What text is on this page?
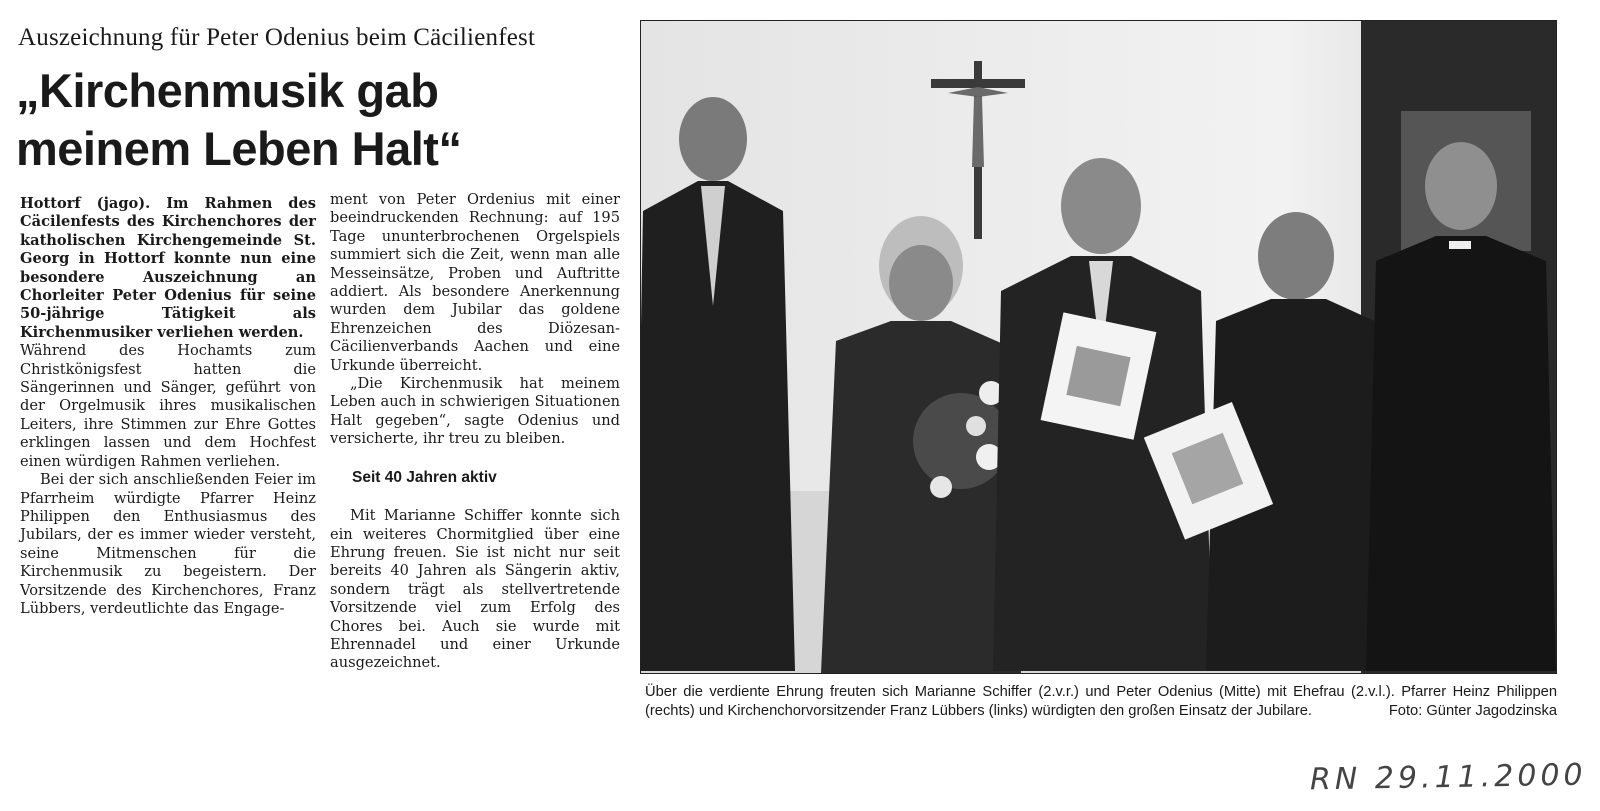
Auszeichnung für Peter Odenius beim Cäcilienfest
„Kirchenmusik gab
meinem Leben Halt“

Hottorf (jago). Im Rahmen des Cäcilenfests des Kirchenchores der katholischen Kirchengemeinde St. Georg in Hottorf konnte nun eine besondere Auszeichnung an Chorleiter Peter Odenius für seine 50-jährige Tätigkeit als Kirchenmusiker verliehen werden.

Während des Hochamts zum Christkönigsfest hatten die Sängerinnen und Sänger, geführt von der Orgelmusik ihres musikalischen Leiters, ihre Stimmen zur Ehre Gottes erklingen lassen und dem Hochfest einen würdigen Rahmen verliehen.

Bei der sich anschließenden Feier im Pfarrheim würdigte Pfarrer Heinz Philippen den Enthusiasmus des Jubilars, der es immer wieder versteht, seine Mitmenschen für die Kirchenmusik zu begeistern. Der Vorsitzende des Kirchenchores, Franz Lübbers, verdeutlichte das Engage-

ment von Peter Ordenius mit einer beeindruckenden Rechnung: auf 195 Tage ununterbrochenen Orgelspiels summiert sich die Zeit, wenn man alle Messeinsätze, Proben und Auftritte addiert. Als besondere Anerkennung wurden dem Jubilar das goldene Ehrenzeichen des Diözesan-Cäcilienverbands Aachen und eine Urkunde überreicht.

„Die Kirchenmusik hat meinem Leben auch in schwierigen Situationen Halt gegeben“, sagte Odenius und versicherte, ihr treu zu bleiben.

Seit 40 Jahren aktiv

Mit Marianne Schiffer konnte sich ein weiteres Chormitglied über eine Ehrung freuen. Sie ist nicht nur seit bereits 40 Jahren als Sängerin aktiv, sondern trägt als stellvertretende Vorsitzende viel zum Erfolg des Chores bei. Auch sie wurde mit Ehrennadel und einer Urkunde ausgezeichnet.

Über die verdiente Ehrung freuten sich Marianne Schiffer (2.v.r.) und Peter Odenius (Mitte) mit Ehefrau (2.v.l.). Pfarrer Heinz Philippen (rechts) und Kirchenchorvorsitzender Franz Lübbers (links) würdigten den großen Einsatz der Jubilare.	Foto: Günter Jagodzinska
RN 29.11.2000
